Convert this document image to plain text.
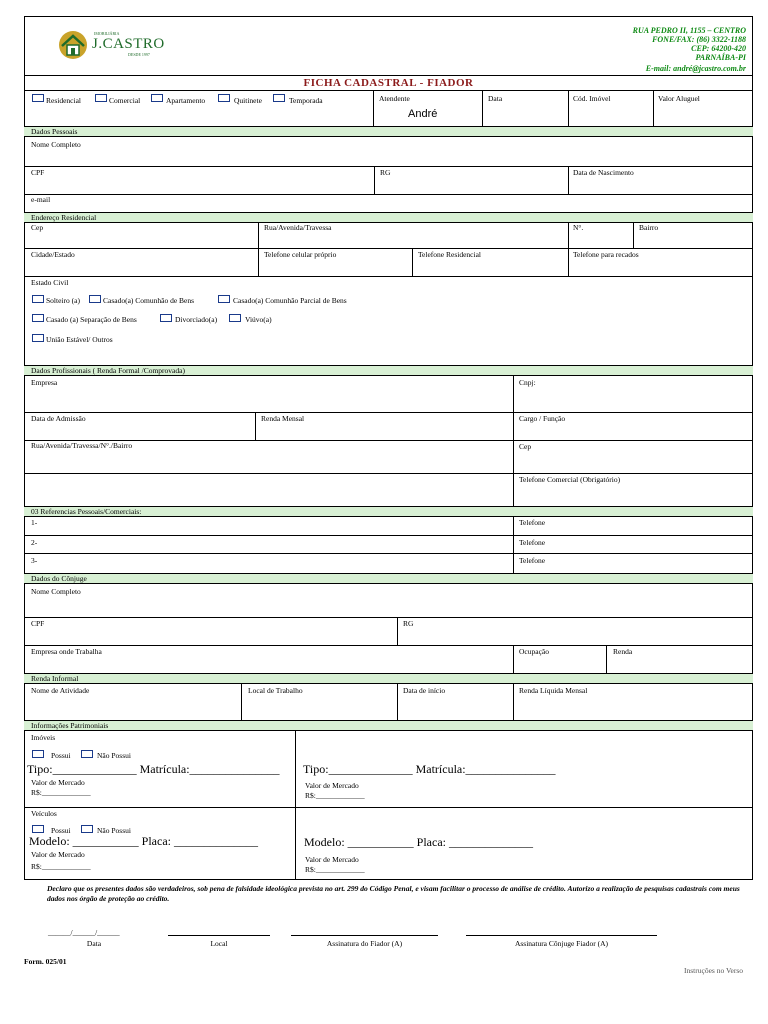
IMOBILIÁRIA
J.CASTRO
DESDE 1997
RUA PEDRO II, 1155 – CENTRO
FONE/FAX: (86) 3322-1188
CEP: 64200-420
PARNAÍBA-PI
E-mail: andré@jcastro.com.br
FICHA CADASTRAL - FIADOR
Residencial	Comercial	Apartamento	Quitinete	Temporada	Atendente
André
Data	Cód. Imóvel	Valor Aluguel
Dados Pessoais
Nome Completo
CPF	RG	Data de Nascimento
e-mail
Endereço Residencial
Cep	Rua/Avenida/Travessa	N°.	Bairro
Cidade/Estado	Telefone celular próprio	Telefone Residencial	Telefone para recados
Estado Civil
Solteiro (a)	Casado(a) Comunhão de Bens	Casado(a) Comunhão Parcial de Bens
Casado (a) Separação de Bens	Divorciado(a)	Viúvo(a)
União Estável/ Outros
Dados Profissionais ( Renda Formal /Comprovada)
Empresa	Cnpj:
Data de Admissão	Renda Mensal	Cargo / Função
Rua/Avenida/Travessa/N°./Bairro	Cep
Telefone Comercial (Obrigatório)
03 Referencias Pessoais/Comerciais:
1-	Telefone
2-	Telefone
3-	Telefone
Dados do Cônjuge
Nome Completo
CPF	RG
Empresa onde Trabalha	Ocupação	Renda
Renda Informal
Nome de Atividade	Local de Trabalho	Data de início	Renda Líquida Mensal
Informações Patrimoniais
Imóveis
Possui	Não Possui
Tipo:______________ Matrícula:_______________
Valor de Mercado
R$:_____________
Tipo:______________ Matrícula:_______________
Valor de Mercado
R$:_____________
Veículos
Possui	Não Possui
Modelo: ___________ Placa: ______________
Valor de Mercado
R$:_____________
Modelo: ___________ Placa: ______________
Valor de Mercado
R$:_____________
Declaro que os presentes dados são verdadeiros, sob pena de falsidade ideológica prevista no art. 299 do Código Penal, e visam facilitar o processo de análise de crédito. Autorizo a realização de pesquisas cadastrais com meus dados nos órgão de proteção ao crédito.
______/______/______
Data	Local	Assinatura do Fiador (A)	Assinatura Cônjuge Fiador (A)
Form. 025/01
Instruções no Verso
